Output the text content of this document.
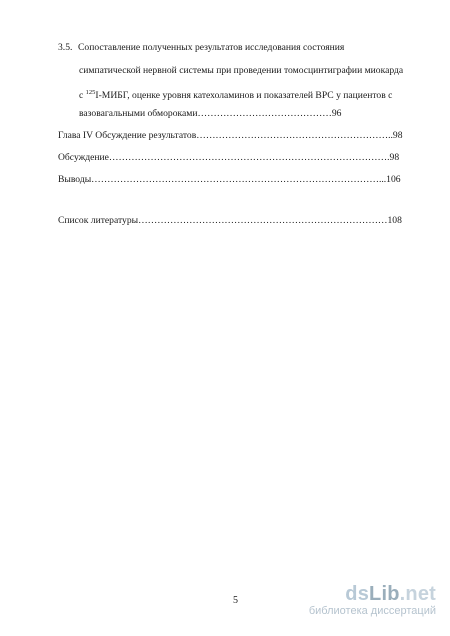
3.5. Сопоставление полученных результатов исследования состояния
симпатической нервной системы при проведении томосцинтиграфии миокарда
с $^{125}$I-МИБГ, оценке уровня катехоламинов и показателей ВРС у пациентов с
вазовагальными обмороками……………………………………96
Глава IV Обсуждение результатов……………………………………………………..98
Обсуждение…………………………………………………………………………….98
Выводы………………………………………………………………………………...106
Список литературы……………………………………………………………………108
5	dsLib.net
библиотека диссертаций
